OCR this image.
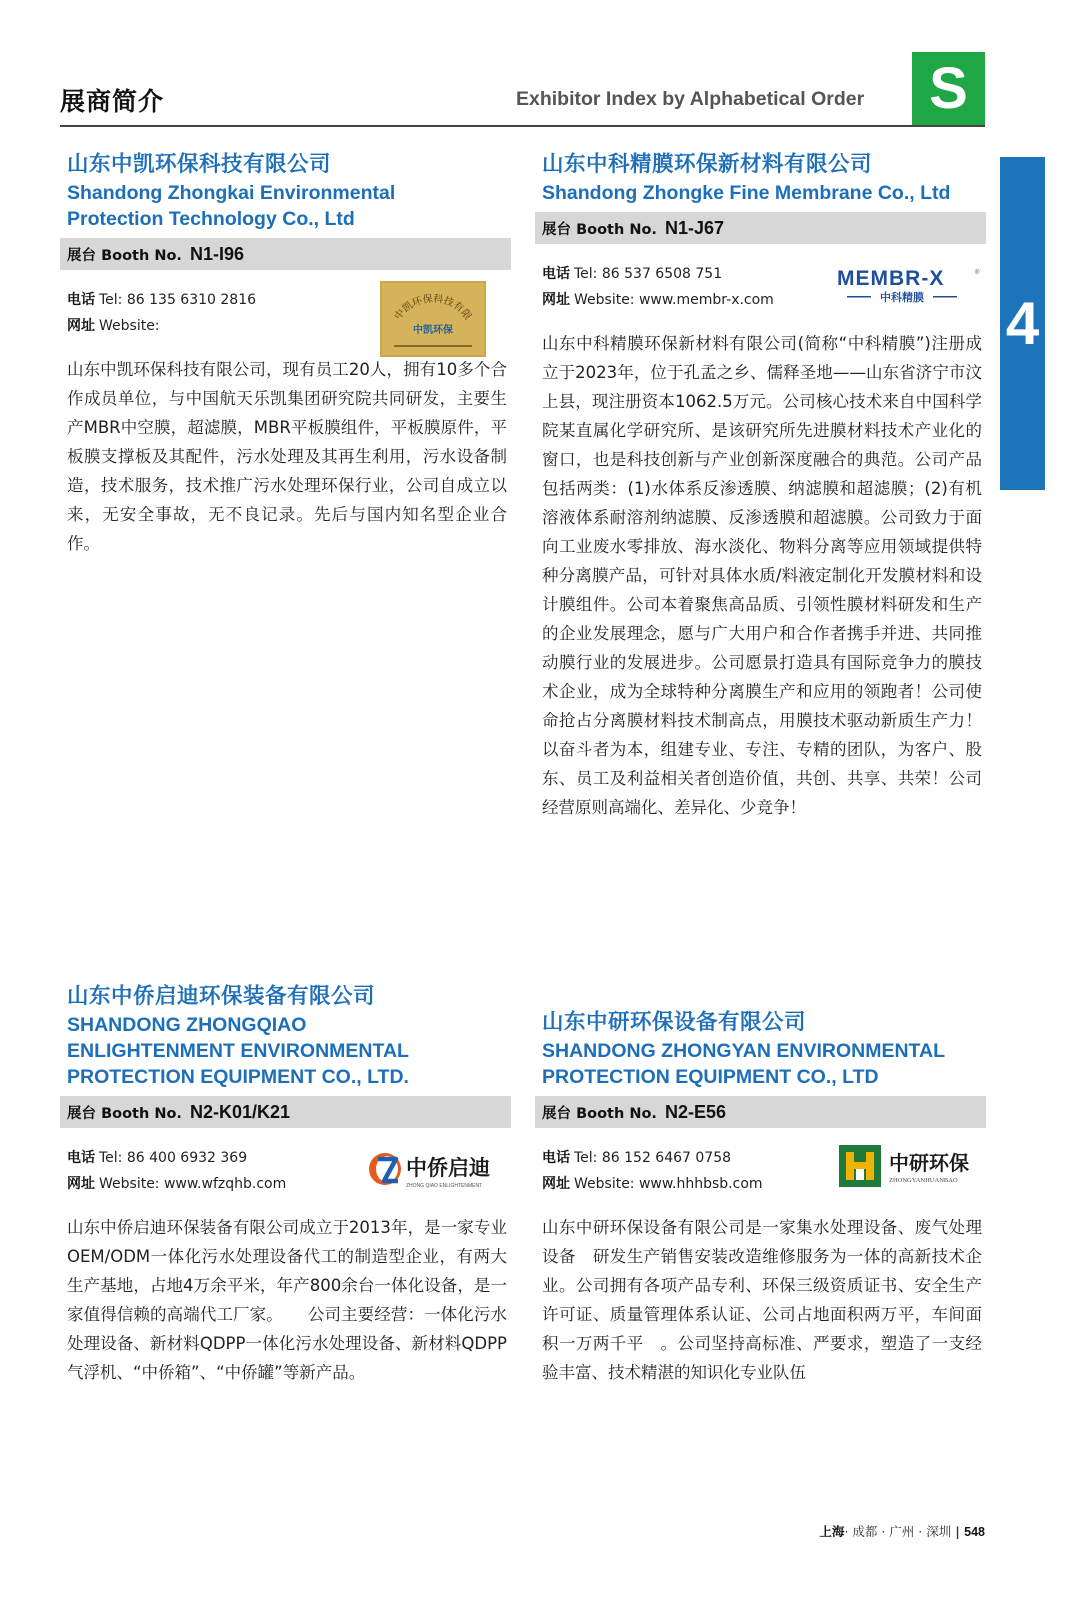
展商简介	Exhibitor Index by Alphabetical Order S
4
山东中凯环保科技有限公司
Shandong Zhongkai Environmental Protection Technology Co., Ltd
展台 Booth No. N1-I96
电话 Tel: 86 135 6310 2816
网址 Website:
中凯环保科技有限
中凯环保
山东中凯环保科技有限公司，现有员工20人，拥有10多个合作成员单位，与中国航天乐凯集团研究院共同研发，主要生产MBR中空膜，超滤膜，MBR平板膜组件，平板膜原件，平板膜支撑板及其配件，污水处理及其再生利用，污水设备制造，技术服务，技术推广污水处理环保行业，公司自成立以来，无安全事故，无不良记录。先后与国内知名型企业合作。
山东中科精膜环保新材料有限公司
Shandong Zhongke Fine Membrane Co., Ltd
展台 Booth No. N1-J67
电话 Tel: 86 537 6508 751
网址 Website: www.membr-x.com
MEMBR-X	®
中科精膜
山东中科精膜环保新材料有限公司(简称“中科精膜”)注册成立于2023年，位于孔孟之乡、儒释圣地——山东省济宁市汶上县，现注册资本1062.5万元。公司核心技术来自中国科学院某直属化学研究所、是该研究所先进膜材料技术产业化的窗口，也是科技创新与产业创新深度融合的典范。公司产品包括两类：(1)水体系反渗透膜、纳滤膜和超滤膜；(2)有机溶液体系耐溶剂纳滤膜、反渗透膜和超滤膜。公司致力于面向工业废水零排放、海水淡化、物料分离等应用领域提供特种分离膜产品，可针对具体水质/料液定制化开发膜材料和设计膜组件。公司本着聚焦高品质、引领性膜材料研发和生产的企业发展理念，愿与广大用户和合作者携手并进、共同推动膜行业的发展进步。公司愿景打造具有国际竞争力的膜技术企业，成为全球特种分离膜生产和应用的领跑者！公司使命抢占分离膜材料技术制高点，用膜技术驱动新质生产力！以奋斗者为本，组建专业、专注、专精的团队，为客户、股东、员工及利益相关者创造价值，共创、共享、共荣！公司经营原则高端化、差异化、少竞争！
山东中侨启迪环保装备有限公司
SHANDONG ZHONGQIAO ENLIGHTENMENT ENVIRONMENTAL PROTECTION EQUIPMENT CO., LTD.
展台 Booth No. N2-K01/K21
电话 Tel: 86 400 6932 369
网址 Website: www.wfzqhb.com
中侨启迪
ZHONG QIAO ENLIGHTENMENT
山东中侨启迪环保装备有限公司成立于2013年，是一家专业OEM/ODM一体化污水处理设备代工的制造型企业，有两大生产基地，占地4万余平米，年产800余台一体化设备，是一家值得信赖的高端代工厂家。　　公司主要经营：一体化污水处理设备、新材料QDPP一体化污水处理设备、新材料QDPP气浮机、“中侨箱”、“中侨罐”等新产品。
山东中研环保设备有限公司
SHANDONG ZHONGYAN ENVIRONMENTAL PROTECTION EQUIPMENT CO., LTD
展台 Booth No. N2-E56
电话 Tel: 86 152 6467 0758
网址 Website: www.hhhbsb.com
中研环保
ZHONGYANHUANBAO
山东中研环保设备有限公司是一家集水处理设备、废气处理设备　研发生产销售安装改造维修服务为一体的高新技术企业。公司拥有各项产品专利、环保三级资质证书、安全生产许可证、质量管理体系认证、公司占地面积两万平，车间面积一万两千平　。公司坚持高标准、严要求，塑造了一支经验丰富、技术精湛的知识化专业队伍
上海· 成都 · 广州 · 深圳 | 548
